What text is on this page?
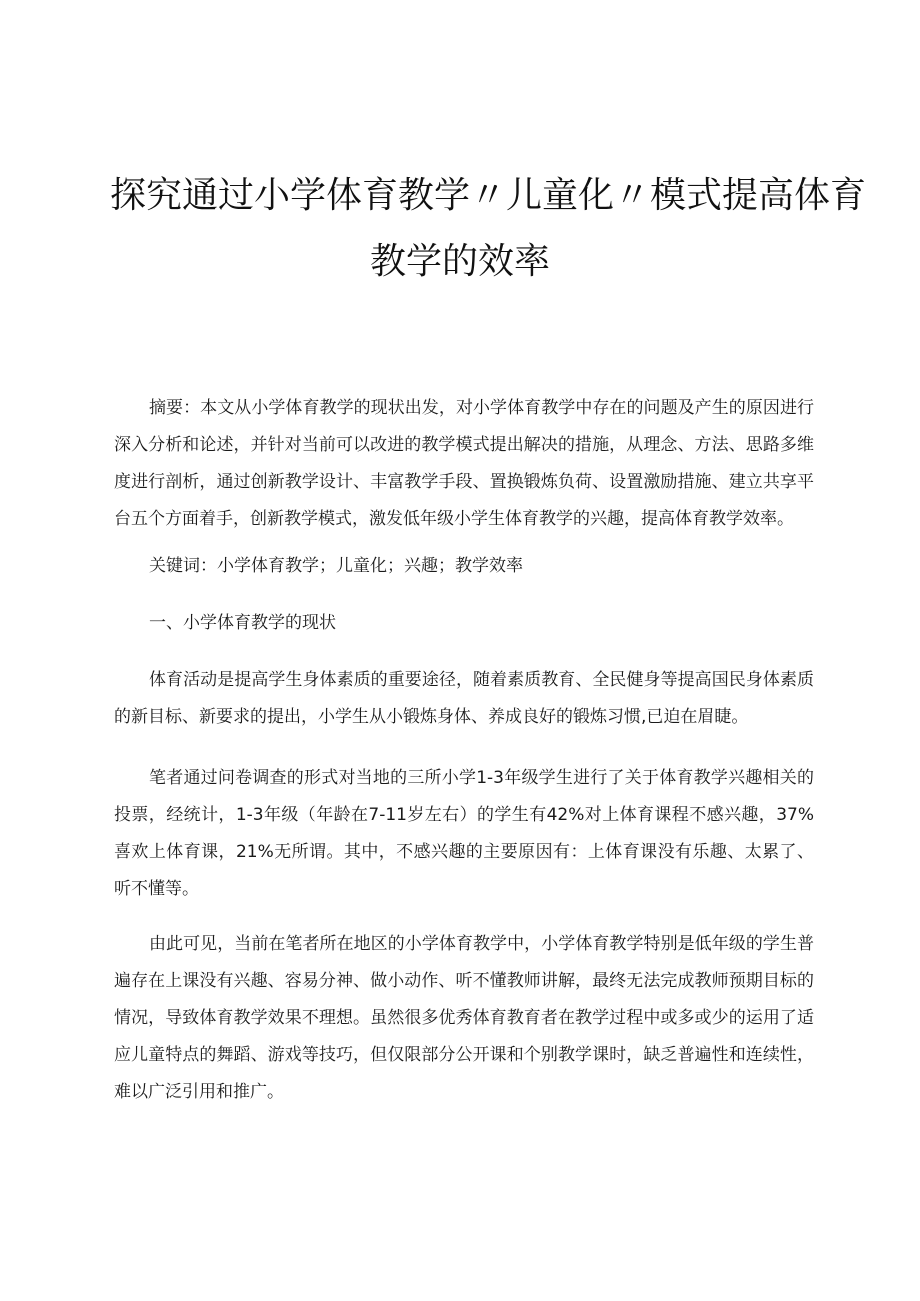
探究通过小学体育教学〃儿童化〃模式提高体育
教学的效率

摘要：本文从小学体育教学的现状出发，对小学体育教学中存在的问题及产生的原因进行深入分析和论述，并针对当前可以改进的教学模式提出解决的措施，从理念、方法、思路多维度进行剖析，通过创新教学设计、丰富教学手段、置换锻炼负荷、设置激励措施、建立共享平台五个方面着手，创新教学模式，激发低年级小学生体育教学的兴趣，提高体育教学效率。

关键词：小学体育教学；儿童化；兴趣；教学效率

一、小学体育教学的现状

体育活动是提高学生身体素质的重要途径，随着素质教育、全民健身等提高国民身体素质的新目标、新要求的提出，小学生从小锻炼身体、养成良好的锻炼习惯,已迫在眉睫。

笔者通过问卷调查的形式对当地的三所小学1-3年级学生进行了关于体育教学兴趣相关的投票，经统计，1-3年级（年龄在7-11岁左右）的学生有42%对上体育课程不感兴趣，37%喜欢上体育课，21%无所谓。其中，不感兴趣的主要原因有：上体育课没有乐趣、太累了、听不懂等。

由此可见，当前在笔者所在地区的小学体育教学中，小学体育教学特别是低年级的学生普遍存在上课没有兴趣、容易分神、做小动作、听不懂教师讲解，最终无法完成教师预期目标的情况，导致体育教学效果不理想。虽然很多优秀体育教育者在教学过程中或多或少的运用了适应儿童特点的舞蹈、游戏等技巧，但仅限部分公开课和个别教学课时，缺乏普遍性和连续性，难以广泛引用和推广。
